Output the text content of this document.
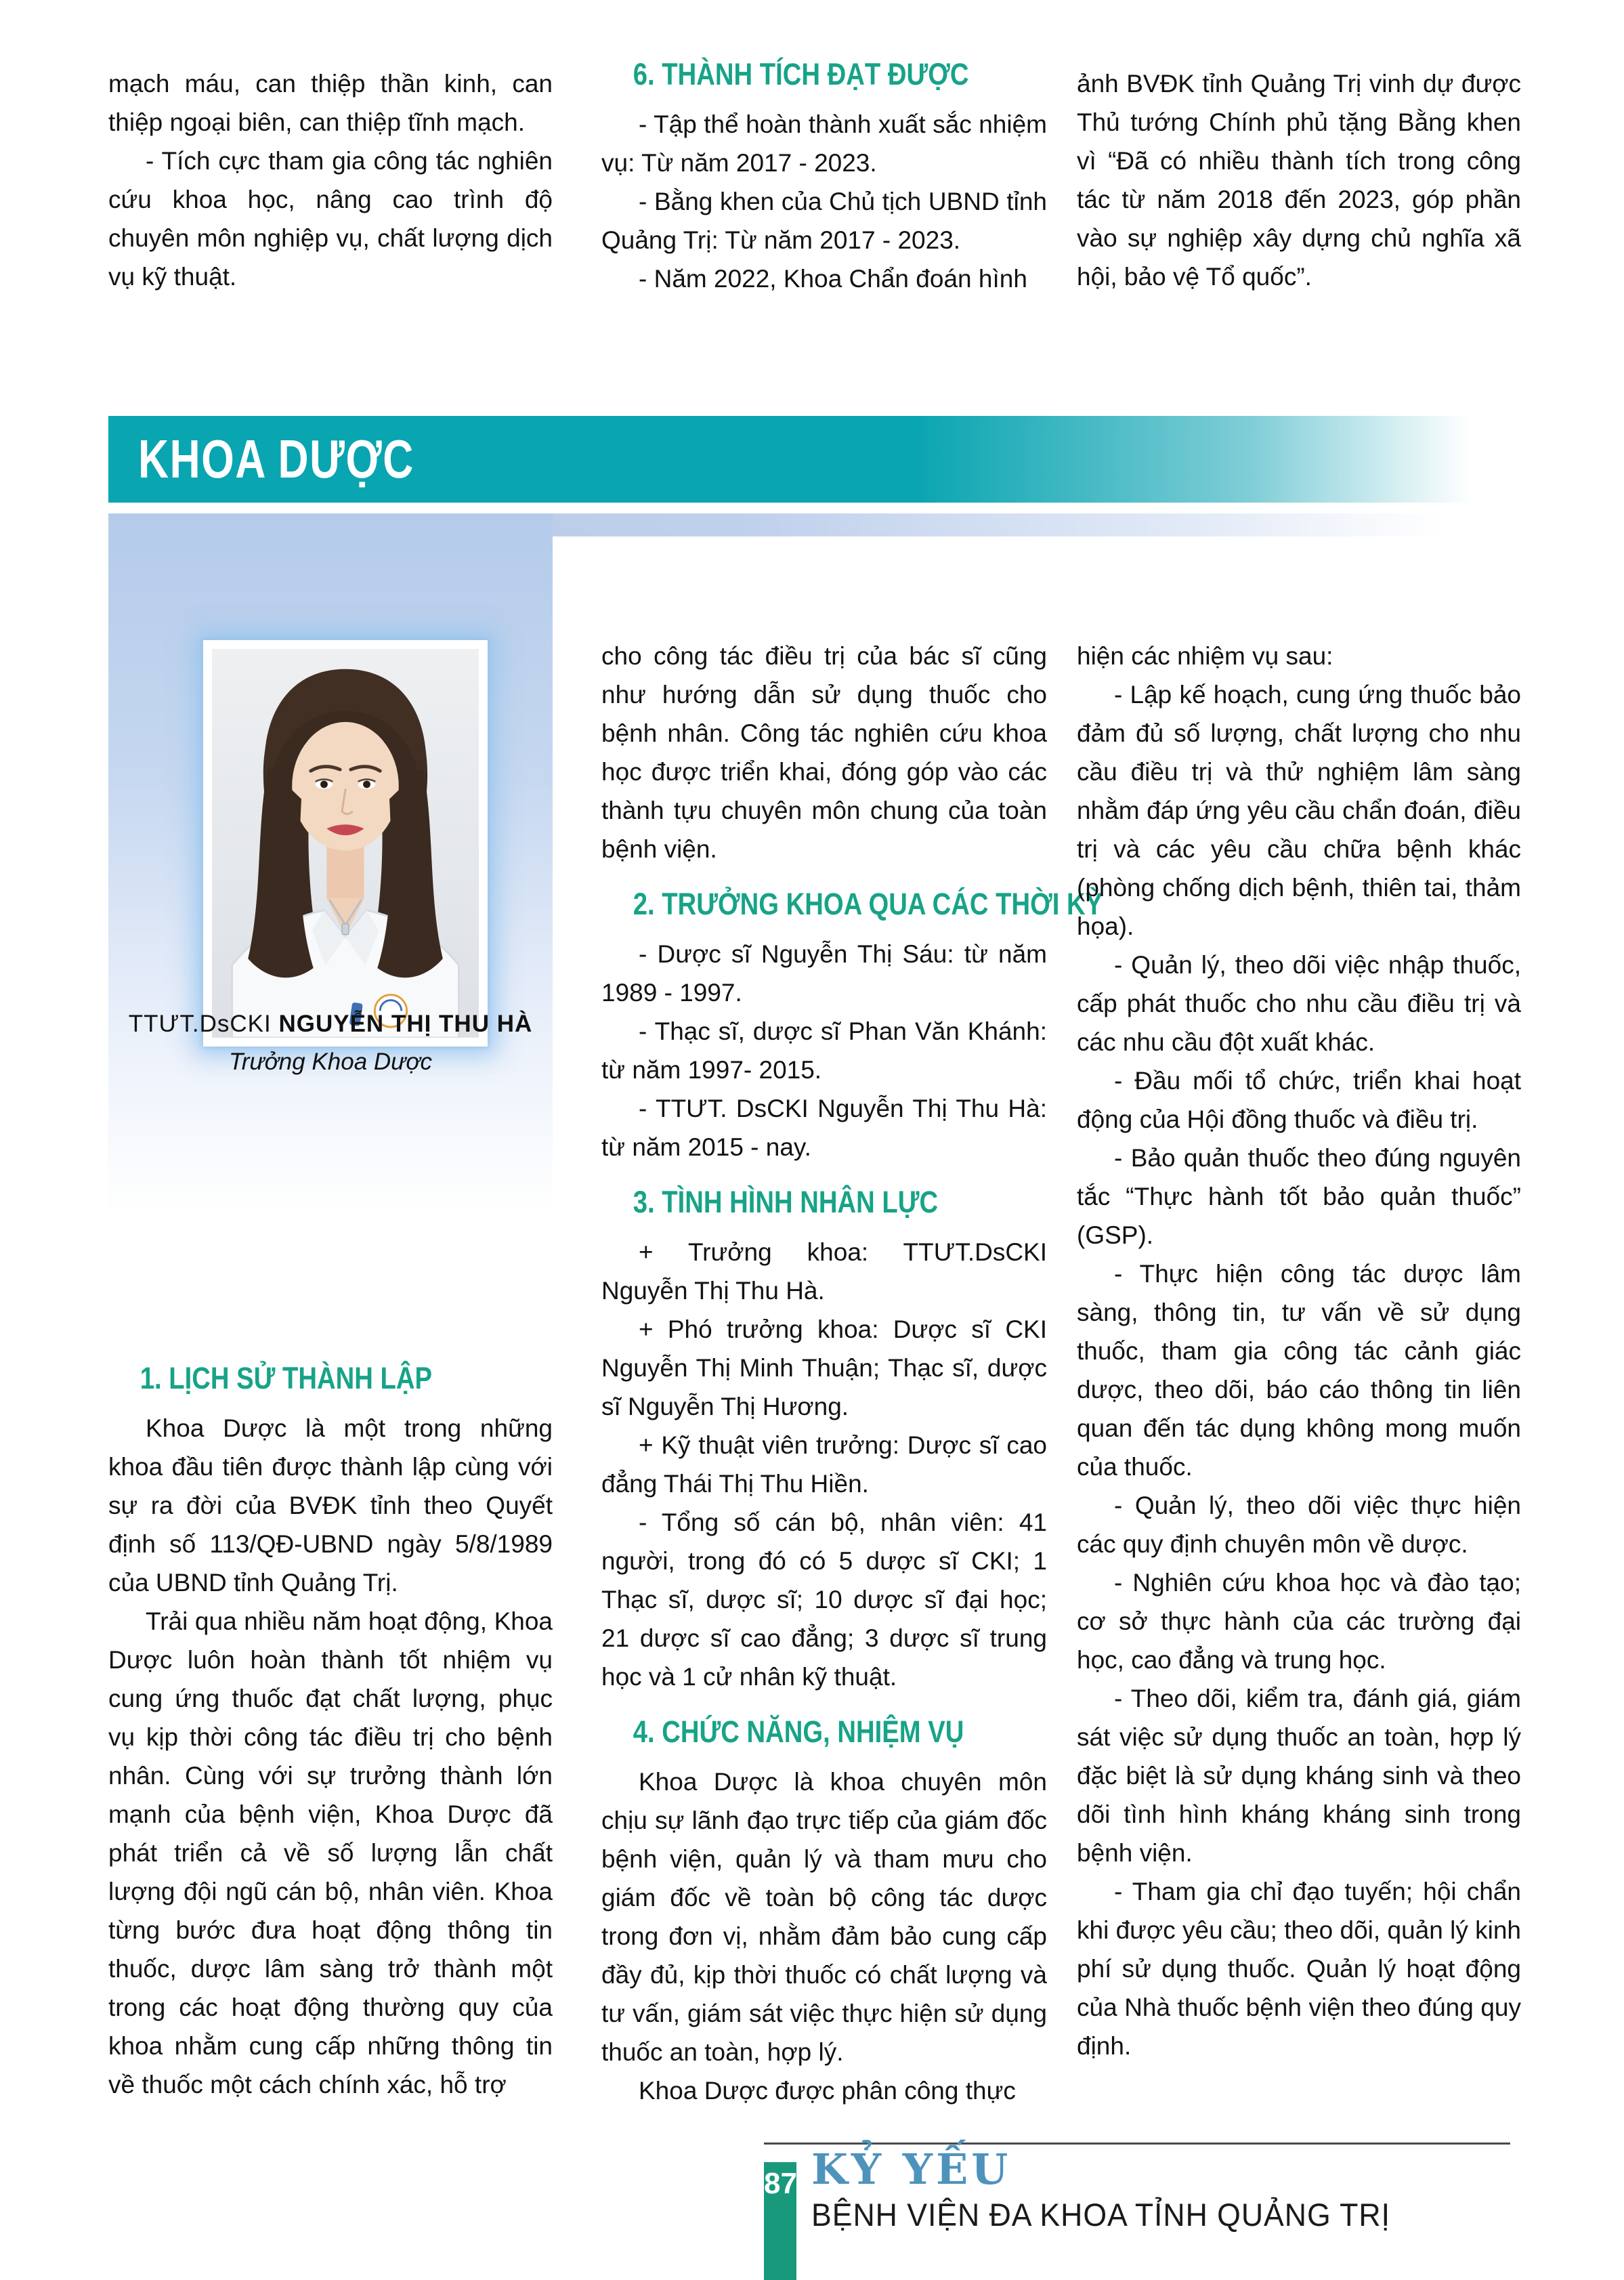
mạch máu, can thiệp thần kinh, can thiệp ngoại biên, can thiệp tĩnh mạch.

- Tích cực tham gia công tác nghiên cứu khoa học, nâng cao trình độ chuyên môn nghiệp vụ, chất lượng dịch vụ kỹ thuật.

6. THÀNH TÍCH ĐẠT ĐƯỢC

- Tập thể hoàn thành xuất sắc nhiệm vụ: Từ năm 2017 - 2023.

- Bằng khen của Chủ tịch UBND tỉnh Quảng Trị: Từ năm 2017 - 2023.

- Năm 2022, Khoa Chẩn đoán hình

ảnh BVĐK tỉnh Quảng Trị vinh dự được Thủ tướng Chính phủ tặng Bằng khen vì “Đã có nhiều thành tích trong công tác từ năm 2018 đến 2023, góp phần vào sự nghiệp xây dựng chủ nghĩa xã hội, bảo vệ Tổ quốc”.

KHOA DƯỢC
TTƯT.DsCKI NGUYỄN THỊ THU HÀ
Trưởng Khoa Dược
1. LỊCH SỬ THÀNH LẬP

Khoa Dược là một trong những khoa đầu tiên được thành lập cùng với sự ra đời của BVĐK tỉnh theo Quyết định số 113/QĐ-UBND ngày 5/8/1989 của UBND tỉnh Quảng Trị.

Trải qua nhiều năm hoạt động, Khoa Dược luôn hoàn thành tốt nhiệm vụ cung ứng thuốc đạt chất lượng, phục vụ kịp thời công tác điều trị cho bệnh nhân. Cùng với sự trưởng thành lớn mạnh của bệnh viện, Khoa Dược đã phát triển cả về số lượng lẫn chất lượng đội ngũ cán bộ, nhân viên. Khoa từng bước đưa hoạt động thông tin thuốc, dược lâm sàng trở thành một trong các hoạt động thường quy của khoa nhằm cung cấp những thông tin về thuốc một cách chính xác, hỗ trợ

cho công tác điều trị của bác sĩ cũng như hướng dẫn sử dụng thuốc cho bệnh nhân. Công tác nghiên cứu khoa học được triển khai, đóng góp vào các thành tựu chuyên môn chung của toàn bệnh viện.

2. TRƯỞNG KHOA QUA CÁC THỜI KỲ

- Dược sĩ Nguyễn Thị Sáu: từ năm 1989 - 1997.

- Thạc sĩ, dược sĩ Phan Văn Khánh: từ năm 1997- 2015.

- TTƯT. DsCKI Nguyễn Thị Thu Hà: từ năm 2015 - nay.

3. TÌNH HÌNH NHÂN LỰC

+ Trưởng khoa: TTƯT.DsCKI Nguyễn Thị Thu Hà.

+ Phó trưởng khoa: Dược sĩ CKI Nguyễn Thị Minh Thuận; Thạc sĩ, dược sĩ Nguyễn Thị Hương.

+ Kỹ thuật viên trưởng: Dược sĩ cao đẳng Thái Thị Thu Hiền.

- Tổng số cán bộ, nhân viên: 41 người, trong đó có 5 dược sĩ CKI; 1 Thạc sĩ, dược sĩ; 10 dược sĩ đại học; 21 dược sĩ cao đẳng; 3 dược sĩ trung học và 1 cử nhân kỹ thuật.

4. CHỨC NĂNG, NHIỆM VỤ

Khoa Dược là khoa chuyên môn chịu sự lãnh đạo trực tiếp của giám đốc bệnh viện, quản lý và tham mưu cho giám đốc về toàn bộ công tác dược trong đơn vị, nhằm đảm bảo cung cấp đầy đủ, kịp thời thuốc có chất lượng và tư vấn, giám sát việc thực hiện sử dụng thuốc an toàn, hợp lý.

Khoa Dược được phân công thực

hiện các nhiệm vụ sau:

- Lập kế hoạch, cung ứng thuốc bảo đảm đủ số lượng, chất lượng cho nhu cầu điều trị và thử nghiệm lâm sàng nhằm đáp ứng yêu cầu chẩn đoán, điều trị và các yêu cầu chữa bệnh khác (phòng chống dịch bệnh, thiên tai, thảm họa).

- Quản lý, theo dõi việc nhập thuốc, cấp phát thuốc cho nhu cầu điều trị và các nhu cầu đột xuất khác.

- Đầu mối tổ chức, triển khai hoạt động của Hội đồng thuốc và điều trị.

- Bảo quản thuốc theo đúng nguyên tắc “Thực hành tốt bảo quản thuốc” (GSP).

- Thực hiện công tác dược lâm sàng, thông tin, tư vấn về sử dụng thuốc, tham gia công tác cảnh giác dược, theo dõi, báo cáo thông tin liên quan đến tác dụng không mong muốn của thuốc.

- Quản lý, theo dõi việc thực hiện các quy định chuyên môn về dược.

- Nghiên cứu khoa học và đào tạo; cơ sở thực hành của các trường đại học, cao đẳng và trung học.

- Theo dõi, kiểm tra, đánh giá, giám sát việc sử dụng thuốc an toàn, hợp lý đặc biệt là sử dụng kháng sinh và theo dõi tình hình kháng kháng sinh trong bệnh viện.

- Tham gia chỉ đạo tuyến; hội chẩn khi được yêu cầu; theo dõi, quản lý kinh phí sử dụng thuốc. Quản lý hoạt động của Nhà thuốc bệnh viện theo đúng quy định.

87 KỶ YẾU
BỆNH VIỆN ĐA KHOA TỈNH QUẢNG TRỊ
